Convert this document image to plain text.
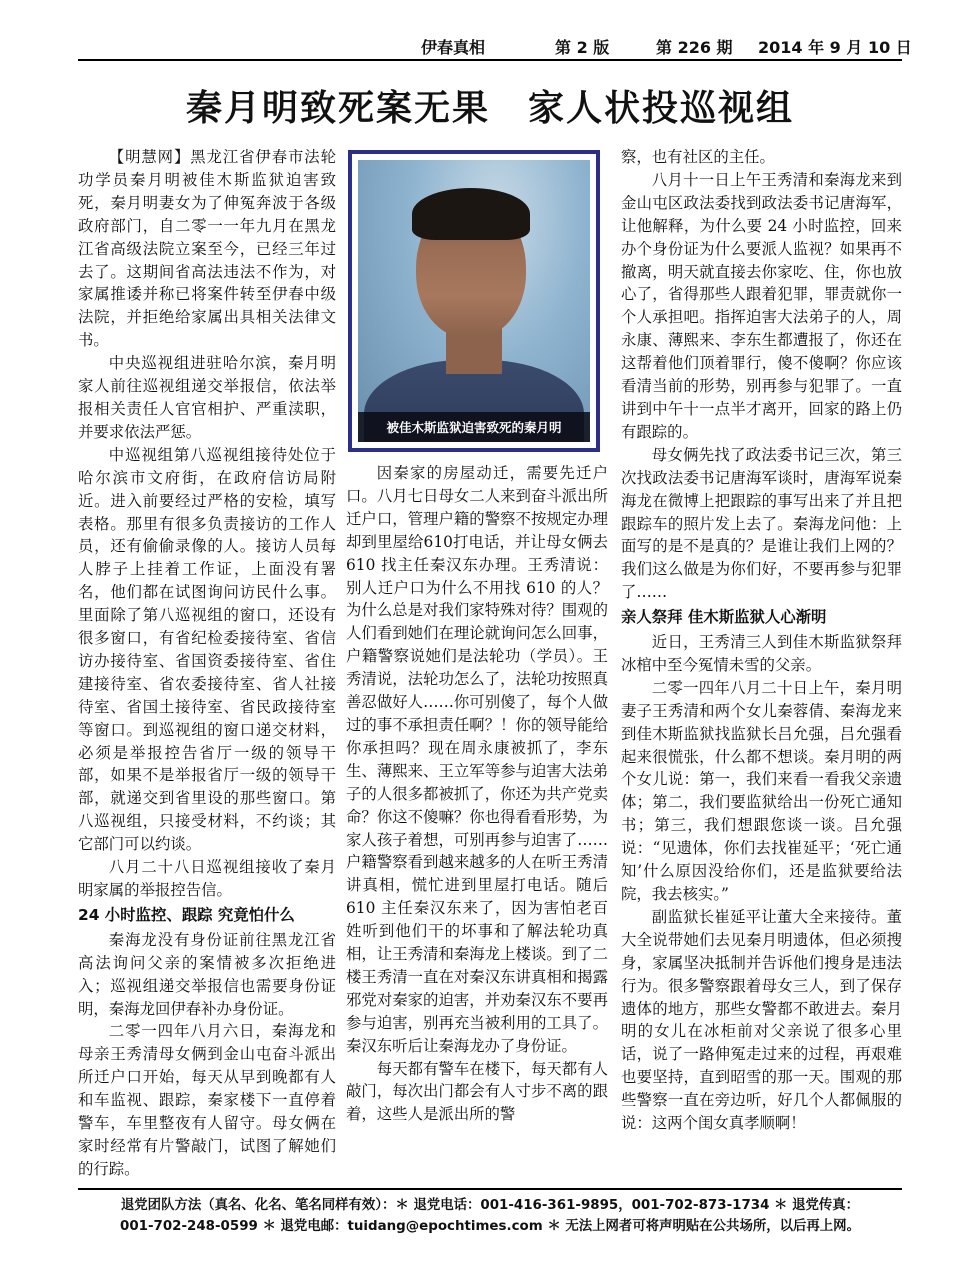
伊春真相	第 2 版	第 226 期 2014 年 9 月 10 日
秦月明致死案无果　家人状投巡视组

【明慧网】黑龙江省伊春市法轮功学员秦月明被佳木斯监狱迫害致死，秦月明妻女为了伸冤奔波于各级政府部门，自二零一一年九月在黑龙江省高级法院立案至今，已经三年过去了。这期间省高法违法不作为，对家属推诿并称已将案件转至伊春中级法院，并拒绝给家属出具相关法律文书。

中央巡视组进驻哈尔滨，秦月明家人前往巡视组递交举报信，依法举报相关责任人官官相护、严重渎职，并要求依法严惩。

中巡视组第八巡视组接待处位于哈尔滨市文府街，在政府信访局附近。进入前要经过严格的安检，填写表格。那里有很多负责接访的工作人员，还有偷偷录像的人。接访人员每人脖子上挂着工作证，上面没有署名，他们都在试图询问访民什么事。里面除了第八巡视组的窗口，还设有很多窗口，有省纪检委接待室、省信访办接待室、省国资委接待室、省住建接待室、省农委接待室、省人社接待室、省国土接待室、省民政接待室等窗口。到巡视组的窗口递交材料，必须是举报控告省厅一级的领导干部，如果不是举报省厅一级的领导干部，就递交到省里设的那些窗口。第八巡视组，只接受材料，不约谈；其它部门可以约谈。

八月二十八日巡视组接收了秦月明家属的举报控告信。

24 小时监控、跟踪 究竟怕什么

秦海龙没有身份证前往黑龙江省高法询问父亲的案情被多次拒绝进入；巡视组递交举报信也需要身份证明，秦海龙回伊春补办身份证。

二零一四年八月六日，秦海龙和母亲王秀清母女俩到金山屯奋斗派出所迁户口开始，每天从早到晚都有人和车监视、跟踪，秦家楼下一直停着警车，车里整夜有人留守。母女俩在家时经常有片警敲门，试图了解她们的行踪。

被佳木斯监狱迫害致死的秦月明

因秦家的房屋动迁，需要先迁户口。八月七日母女二人来到奋斗派出所迁户口，管理户籍的警察不按规定办理却到里屋给610打电话，并让母女俩去 610 找主任秦汉东办理。王秀清说：别人迁户口为什么不用找 610 的人？为什么总是对我们家特殊对待？围观的人们看到她们在理论就询问怎么回事，户籍警察说她们是法轮功（学员）。王秀清说，法轮功怎么了，法轮功按照真善忍做好人……你可别傻了，每个人做过的事不承担责任啊？！你的领导能给你承担吗？现在周永康被抓了，李东生、薄熙来、王立军等参与迫害大法弟子的人很多都被抓了，你还为共产党卖命？你这不傻嘛？你也得看看形势，为家人孩子着想，可别再参与迫害了……户籍警察看到越来越多的人在听王秀清讲真相，慌忙进到里屋打电话。随后 610 主任秦汉东来了，因为害怕老百姓听到他们干的坏事和了解法轮功真相，让王秀清和秦海龙上楼谈。到了二楼王秀清一直在对秦汉东讲真相和揭露邪党对秦家的迫害，并劝秦汉东不要再参与迫害，别再充当被利用的工具了。秦汉东听后让秦海龙办了身份证。

每天都有警车在楼下，每天都有人敲门，每次出门都会有人寸步不离的跟着，这些人是派出所的警

察，也有社区的主任。

八月十一日上午王秀清和秦海龙来到金山屯区政法委找到政法委书记唐海军，让他解释，为什么要 24 小时监控，回来办个身份证为什么要派人监视？如果再不撤离，明天就直接去你家吃、住，你也放心了，省得那些人跟着犯罪，罪责就你一个人承担吧。指挥迫害大法弟子的人，周永康、薄熙来、李东生都遭报了，你还在这帮着他们顶着罪行，傻不傻啊？你应该看清当前的形势，别再参与犯罪了。一直讲到中午十一点半才离开，回家的路上仍有跟踪的。

母女俩先找了政法委书记三次，第三次找政法委书记唐海军谈时，唐海军说秦海龙在微博上把跟踪的事写出来了并且把跟踪车的照片发上去了。秦海龙问他：上面写的是不是真的？是谁让我们上网的？我们这么做是为你们好，不要再参与犯罪了……

亲人祭拜 佳木斯监狱人心渐明

近日，王秀清三人到佳木斯监狱祭拜冰棺中至今冤情未雪的父亲。

二零一四年八月二十日上午，秦月明妻子王秀清和两个女儿秦蓉倩、秦海龙来到佳木斯监狱找监狱长吕允强，吕允强看起来很慌张，什么都不想谈。秦月明的两个女儿说：第一，我们来看一看我父亲遗体；第二，我们要监狱给出一份死亡通知书；第三，我们想跟您谈一谈。吕允强说：“见遗体，你们去找崔延平；‘死亡通知’什么原因没给你们，还是监狱要给法院，我去核实。”

副监狱长崔延平让董大全来接待。董大全说带她们去见秦月明遗体，但必须搜身，家属坚决抵制并告诉他们搜身是违法行为。很多警察跟着母女三人，到了保存遗体的地方，那些女警都不敢进去。秦月明的女儿在冰柜前对父亲说了很多心里话，说了一路伸冤走过来的过程，再艰难也要坚持，直到昭雪的那一天。围观的那些警察一直在旁边听，好几个人都佩服的说：这两个闺女真孝顺啊！

退党团队方法（真名、化名、笔名同样有效）：＊ 退党电话：001-416-361-9895，001-702-873-1734 ＊ 退党传真：
001-702-248-0599 ＊ 退党电邮：tuidang@epochtimes.com ＊ 无法上网者可将声明贴在公共场所，以后再上网。
